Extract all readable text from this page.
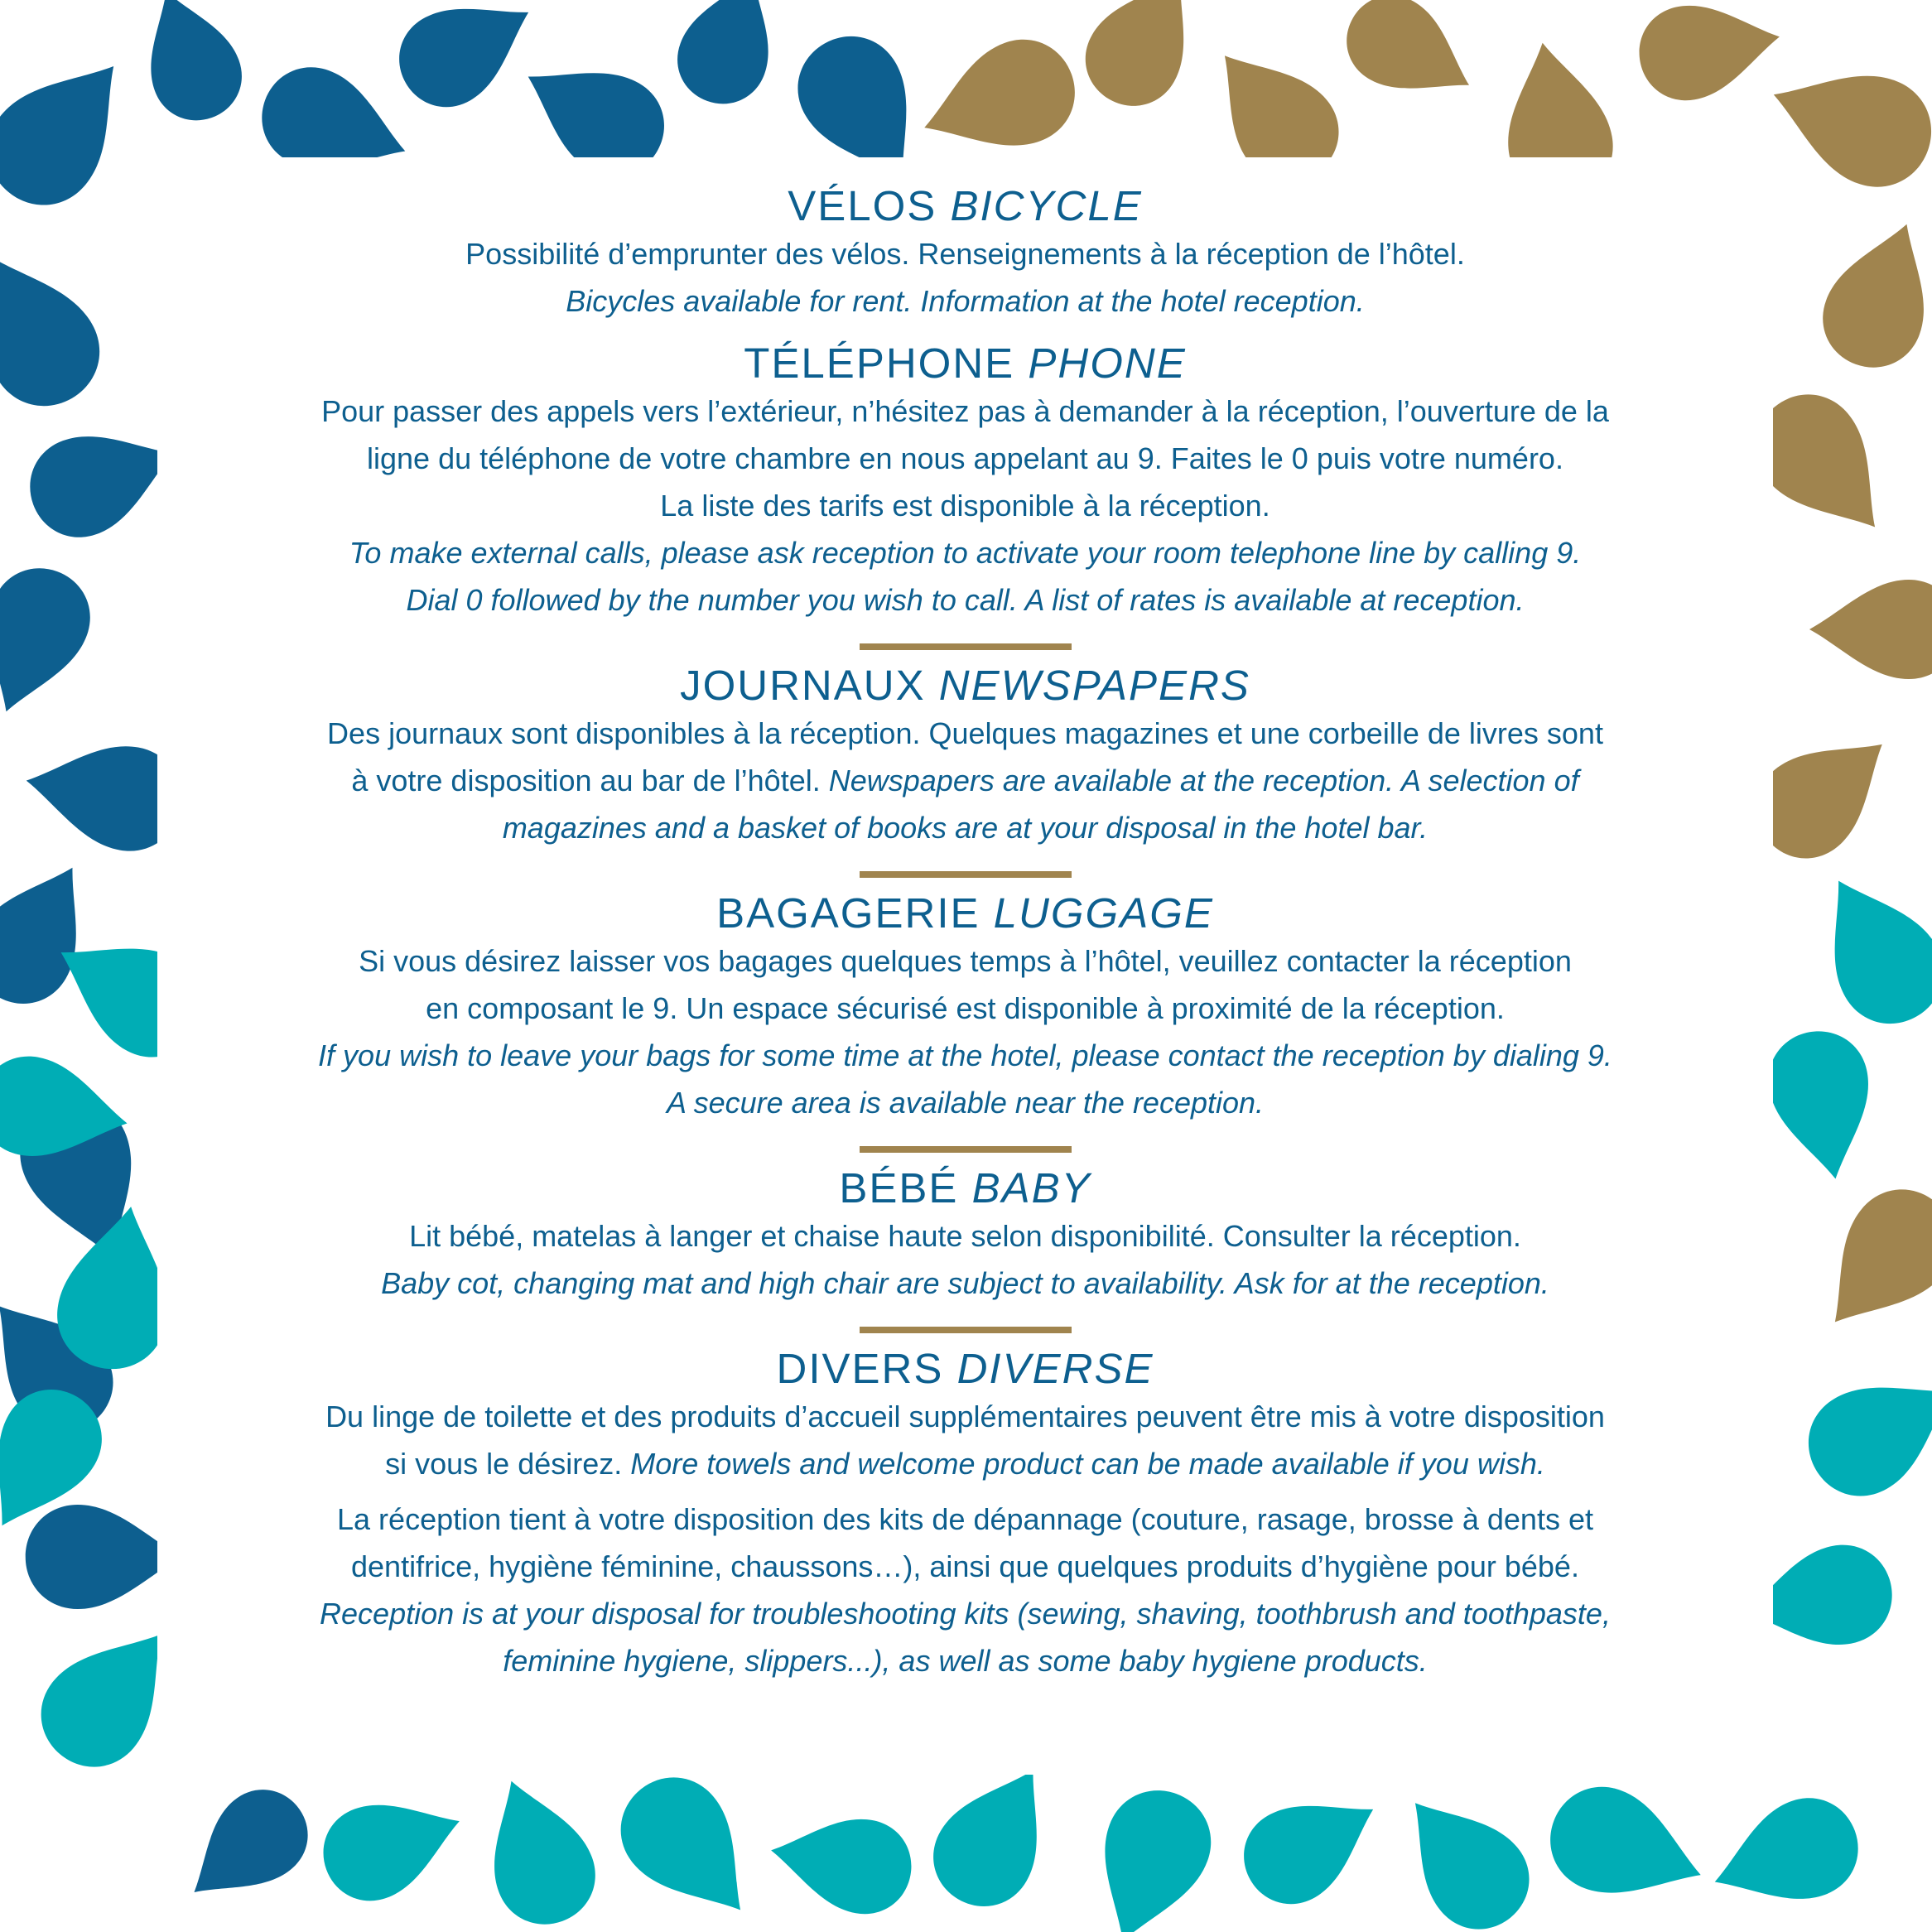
VÉLOS BICYCLE

Possibilité d’emprunter des vélos. Renseignements à la réception de l’hôtel.
Bicycles available for rent. Information at the hotel reception.

TÉLÉPHONE PHONE

Pour passer des appels vers l’extérieur, n’hésitez pas à demander à la réception, l’ouverture de la
ligne du téléphone de votre chambre en nous appelant au 9. Faites le 0 puis votre numéro.
La liste des tarifs est disponible à la réception.
To make external calls, please ask reception to activate your room telephone line by calling 9.
Dial 0 followed by the number you wish to call. A list of rates is available at reception.

JOURNAUX NEWSPAPERS

Des journaux sont disponibles à la réception. Quelques magazines et une corbeille de livres sont
à votre disposition au bar de l’hôtel. Newspapers are available at the reception. A selection of
magazines and a basket of books are at your disposal in the hotel bar.

BAGAGERIE LUGGAGE

Si vous désirez laisser vos bagages quelques temps à l’hôtel, veuillez contacter la réception
en composant le 9. Un espace sécurisé est disponible à proximité de la réception.
If you wish to leave your bags for some time at the hotel, please contact the reception by dialing 9.
A secure area is available near the reception.

BÉBÉ BABY

Lit bébé, matelas à langer et chaise haute selon disponibilité. Consulter la réception.
Baby cot, changing mat and high chair are subject to availability. Ask for at the reception.

DIVERS DIVERSE

Du linge de toilette et des produits d’accueil supplémentaires peuvent être mis à votre disposition
si vous le désirez. More towels and welcome product can be made available if you wish.

La réception tient à votre disposition des kits de dépannage (couture, rasage, brosse à dents et
dentifrice, hygiène féminine, chaussons…), ainsi que quelques produits d’hygiène pour bébé.
Reception is at your disposal for troubleshooting kits (sewing, shaving, toothbrush and toothpaste,
feminine hygiene, slippers...), as well as some baby hygiene products.
